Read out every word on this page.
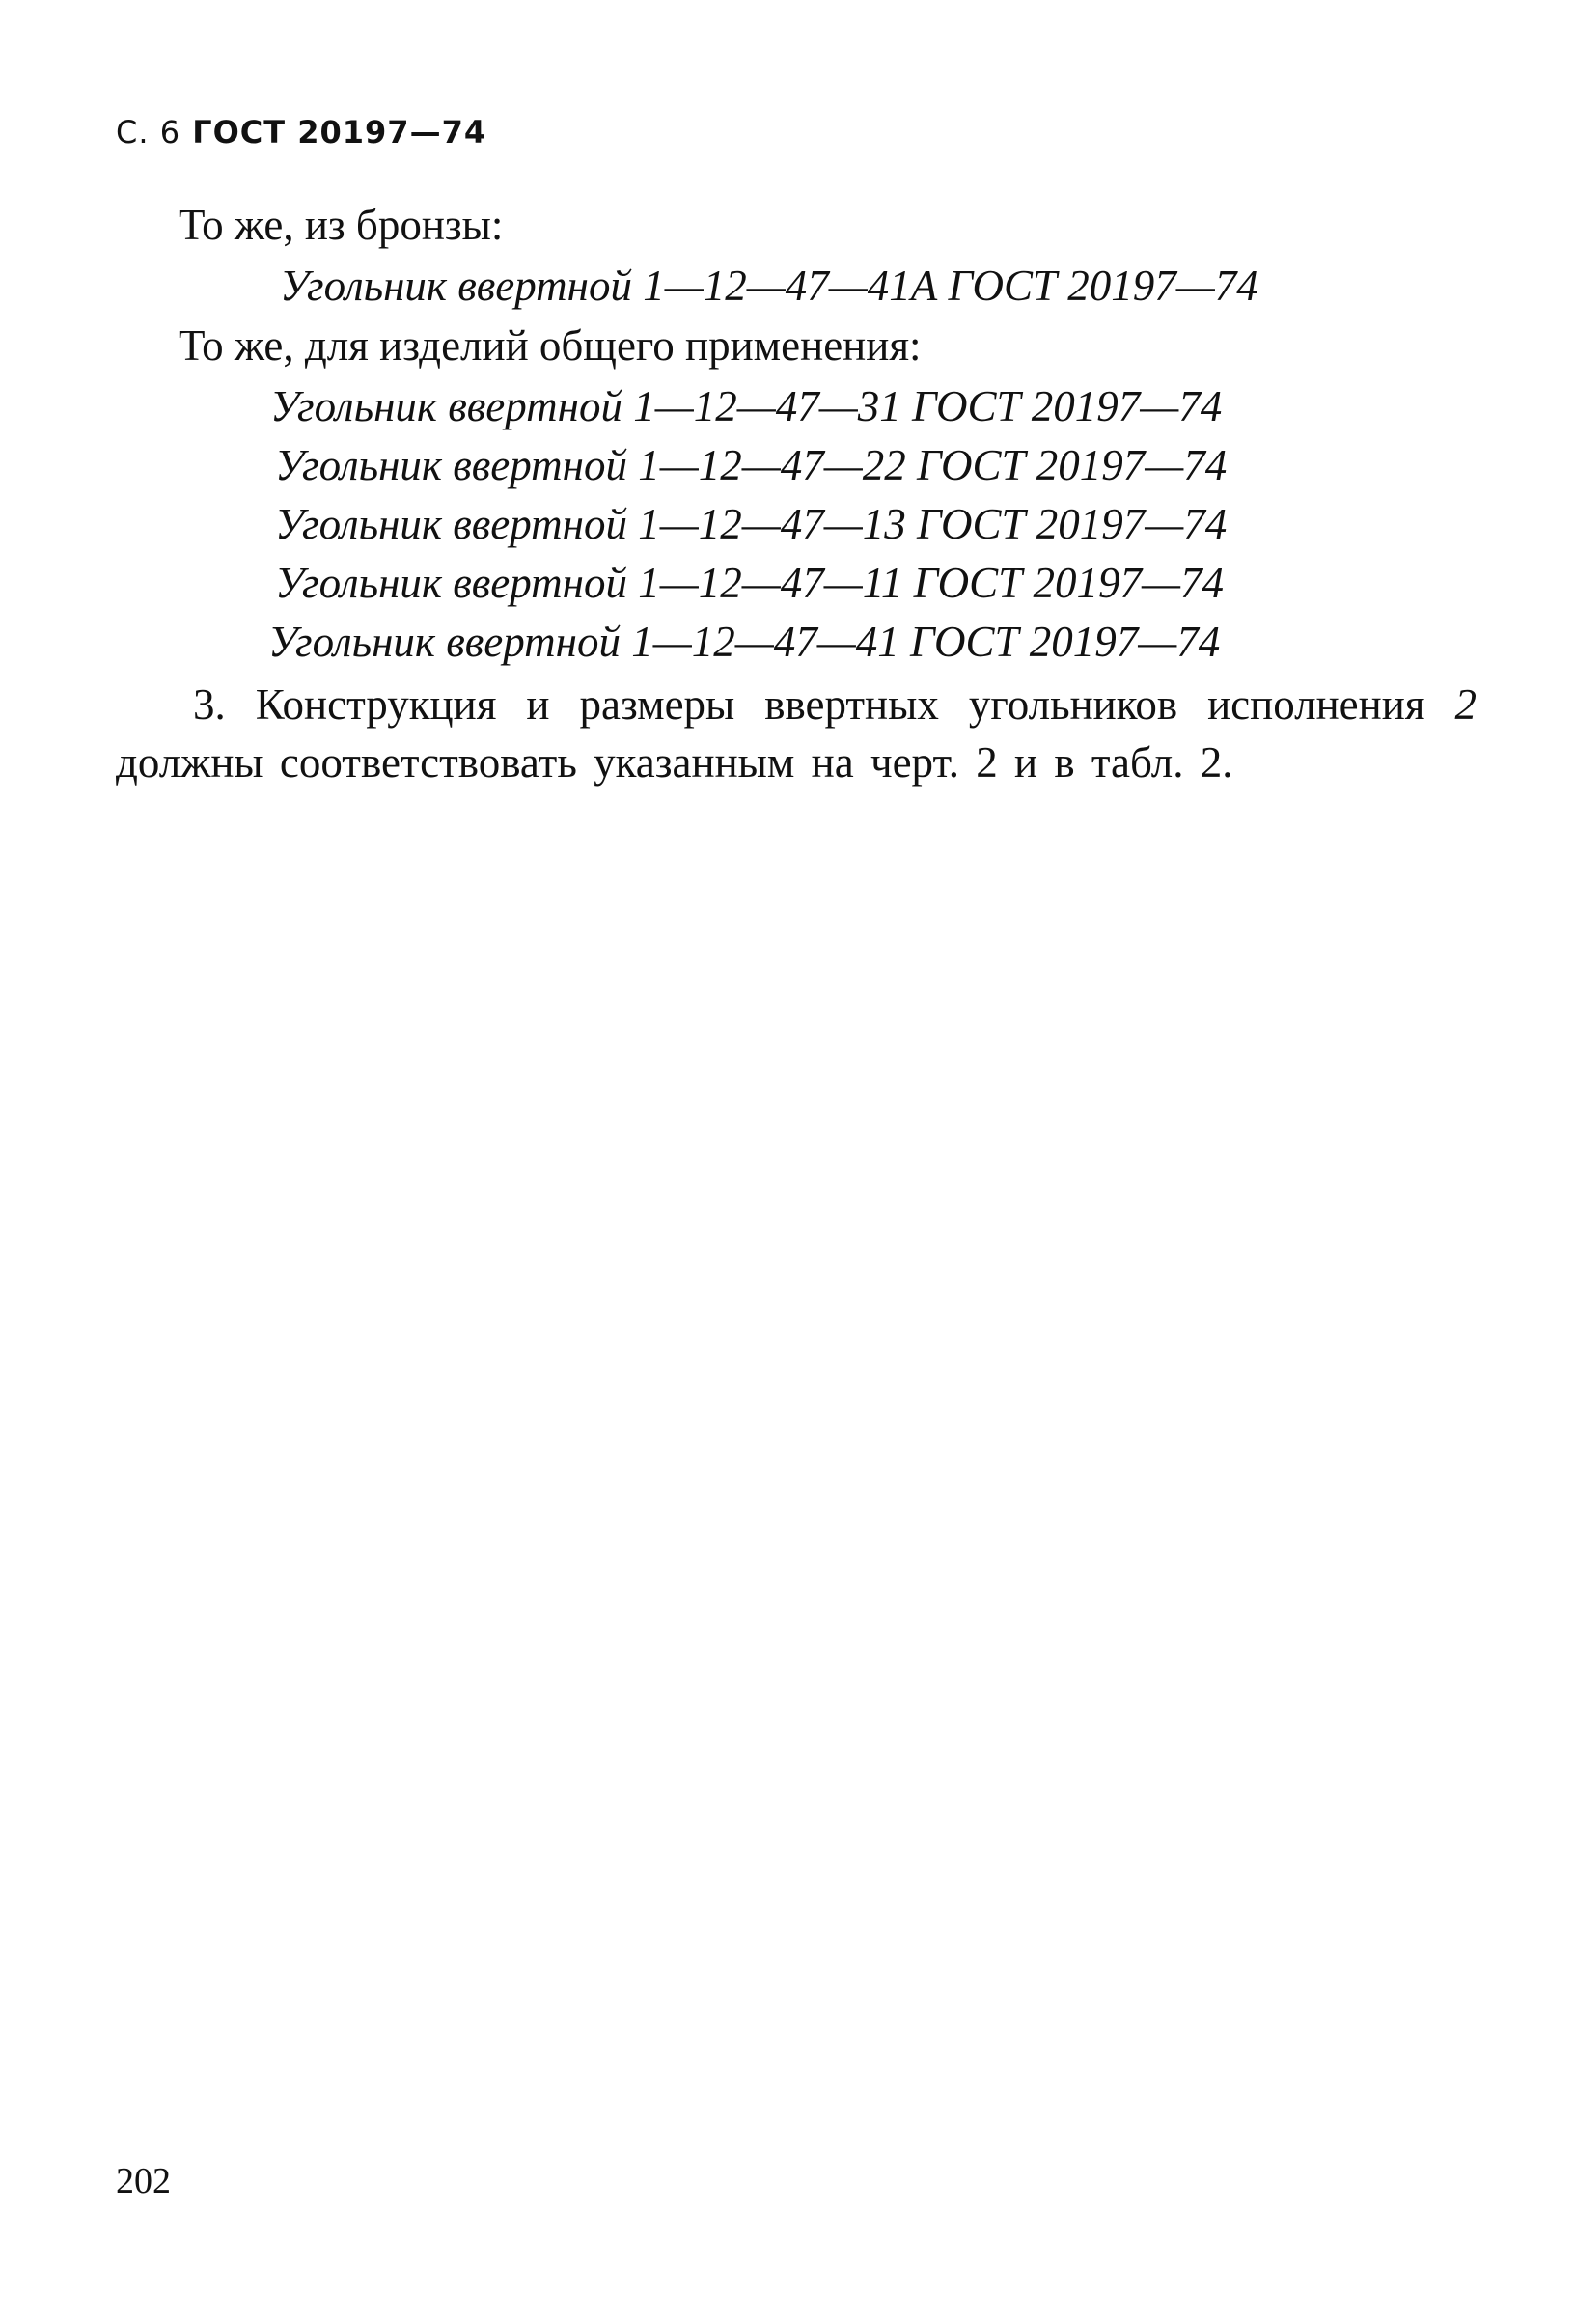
С. 6 ГОСТ 20197—74
То же, из бронзы:
Угольник ввертной 1—12—47—41А ГОСТ 20197—74
То же, для изделий общего применения:
Угольник ввертной 1—12—47—31 ГОСТ 20197—74
Угольник ввертной 1—12—47—22 ГОСТ 20197—74
Угольник ввертной 1—12—47—13 ГОСТ 20197—74
Угольник ввертной 1—12—47—11 ГОСТ 20197—74
Угольник ввертной 1—12—47—41 ГОСТ 20197—74
3. Конструкция и размеры ввертных угольников исполнения 2
должны соответствовать указанным на черт. 2 и в табл. 2.
202
